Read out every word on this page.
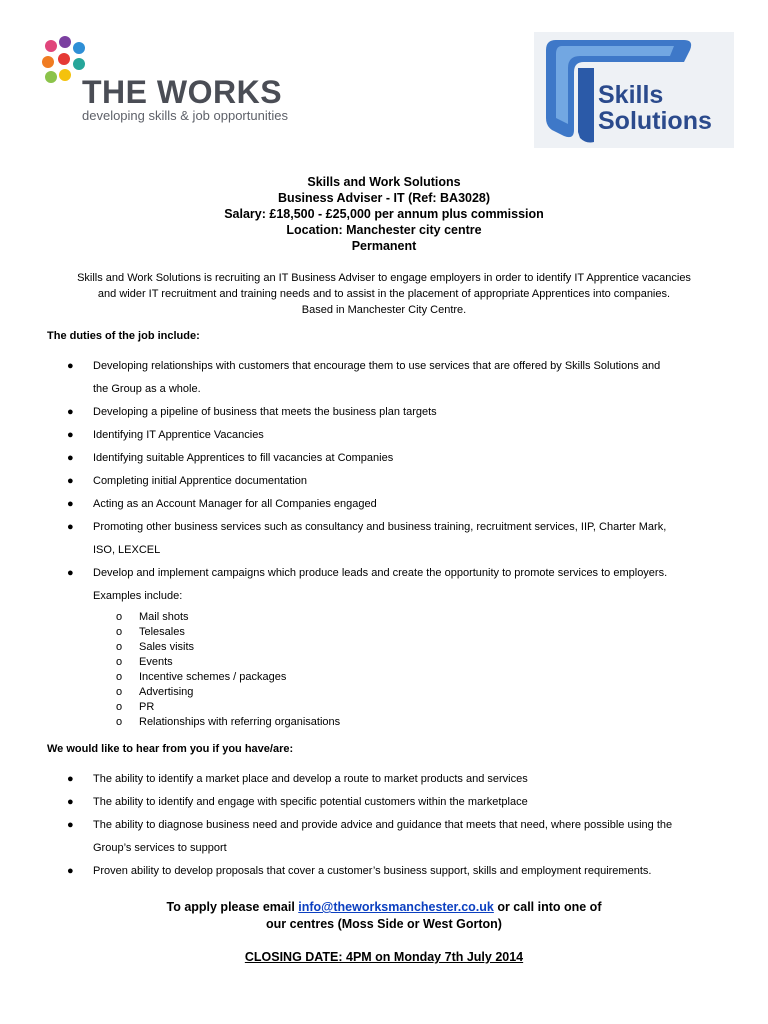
THE WORKS
developing skills & job opportunities
Skills
Solutions
Skills and Work Solutions
Business Adviser - IT (Ref: BA3028)
Salary: £18,500 - £25,000 per annum plus commission
Location: Manchester city centre
Permanent
Skills and Work Solutions is recruiting an IT Business Adviser to engage employers in order to identify IT Apprentice vacancies
and wider IT recruitment and training needs and to assist in the placement of appropriate Apprentices into companies.
Based in Manchester City Centre.
The duties of the job include:
● Developing relationships with customers that encourage them to use services that are offered by Skills Solutions and
the Group as a whole.
● Developing a pipeline of business that meets the business plan targets
● Identifying IT Apprentice Vacancies
● Identifying suitable Apprentices to fill vacancies at Companies
● Completing initial Apprentice documentation
● Acting as an Account Manager for all Companies engaged
● Promoting other business services such as consultancy and business training, recruitment services, IIP, Charter Mark,
ISO, LEXCEL
● Develop and implement campaigns which produce leads and create the opportunity to promote services to employers.
Examples include:
o Mail shots
o Telesales
o Sales visits
o Events
o Incentive schemes / packages
o Advertising
o PR
o Relationships with referring organisations
We would like to hear from you if you have/are:
● The ability to identify a market place and develop a route to market products and services
● The ability to identify and engage with specific potential customers within the marketplace
● The ability to diagnose business need and provide advice and guidance that meets that need, where possible using the
Group’s services to support
● Proven ability to develop proposals that cover a customer’s business support, skills and employment requirements.
To apply please email info@theworksmanchester.co.uk or call into one of
our centres (Moss Side or West Gorton)
CLOSING DATE: 4PM on Monday 7th July 2014
